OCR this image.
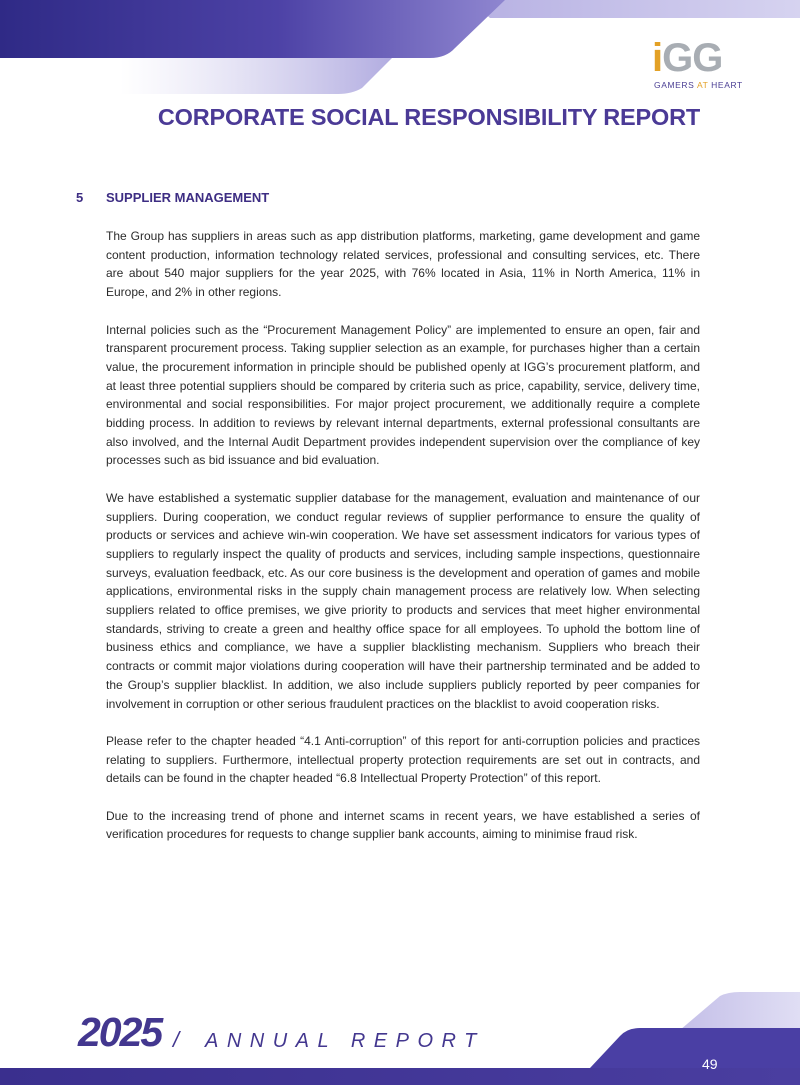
iGG
GAMERS AT HEART
CORPORATE SOCIAL RESPONSIBILITY REPORT
5 SUPPLIER MANAGEMENT

The Group has suppliers in areas such as app distribution platforms, marketing, game development and game content production, information technology related services, professional and consulting services, etc. There are about 540 major suppliers for the year 2025, with 76% located in Asia, 11% in North America, 11% in Europe, and 2% in other regions.

Internal policies such as the “Procurement Management Policy” are implemented to ensure an open, fair and transparent procurement process. Taking supplier selection as an example, for purchases higher than a certain value, the procurement information in principle should be published openly at IGG’s procurement platform, and at least three potential suppliers should be compared by criteria such as price, capability, service, delivery time, environmental and social responsibilities. For major project procurement, we additionally require a complete bidding process. In addition to reviews by relevant internal departments, external professional consultants are also involved, and the Internal Audit Department provides independent supervision over the compliance of key processes such as bid issuance and bid evaluation.

We have established a systematic supplier database for the management, evaluation and maintenance of our suppliers. During cooperation, we conduct regular reviews of supplier performance to ensure the quality of products or services and achieve win-win cooperation. We have set assessment indicators for various types of suppliers to regularly inspect the quality of products and services, including sample inspections, questionnaire surveys, evaluation feedback, etc. As our core business is the development and operation of games and mobile applications, environmental risks in the supply chain management process are relatively low. When selecting suppliers related to office premises, we give priority to products and services that meet higher environmental standards, striving to create a green and healthy office space for all employees. To uphold the bottom line of business ethics and compliance, we have a supplier blacklisting mechanism. Suppliers who breach their contracts or commit major violations during cooperation will have their partnership terminated and be added to the Group’s supplier blacklist. In addition, we also include suppliers publicly reported by peer companies for involvement in corruption or other serious fraudulent practices on the blacklist to avoid cooperation risks.

Please refer to the chapter headed “4.1 Anti-corruption” of this report for anti-corruption policies and practices relating to suppliers. Furthermore, intellectual property protection requirements are set out in contracts, and details can be found in the chapter headed “6.8 Intellectual Property Protection” of this report.

Due to the increasing trend of phone and internet scams in recent years, we have established a series of verification procedures for requests to change supplier bank accounts, aiming to minimise fraud risk.

2025 / ANNUAL REPORT
49
